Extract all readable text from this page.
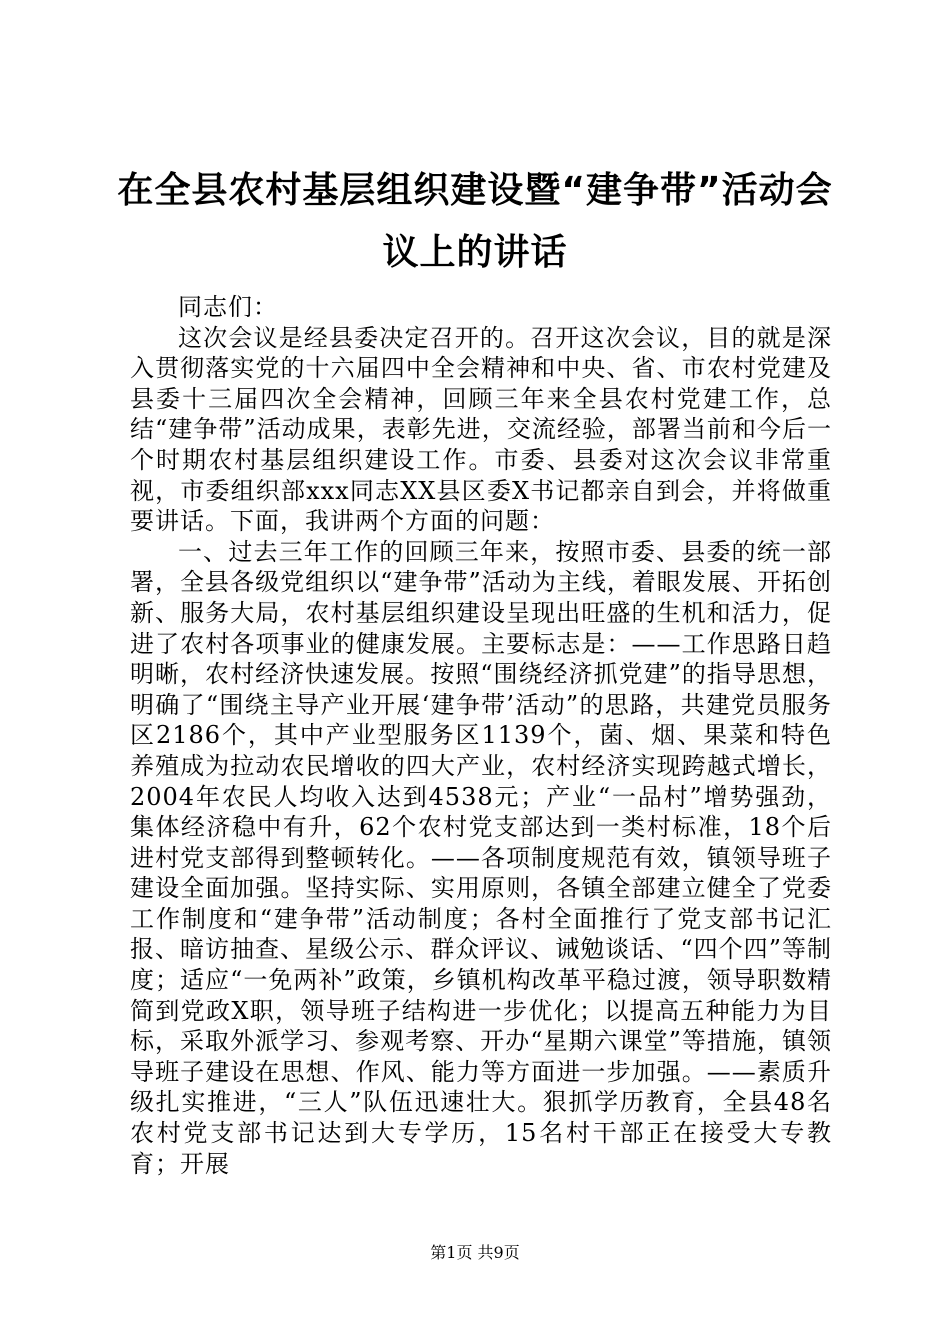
在全县农村基层组织建设暨“建争带”活动会议上的讲话

同志们：

这次会议是经县委决定召开的。召开这次会议，目的就是深入贯彻落实党的十六届四中全会精神和中央、省、市农村党建及县委十三届四次全会精神，回顾三年来全县农村党建工作，总结“建争带”活动成果，表彰先进，交流经验，部署当前和今后一个时期农村基层组织建设工作。市委、县委对这次会议非常重视，市委组织部xxx同志XX县区委X书记都亲自到会，并将做重要讲话。下面，我讲两个方面的问题：

一、过去三年工作的回顾三年来，按照市委、县委的统一部署，全县各级党组织以“建争带”活动为主线，着眼发展、开拓创新、服务大局，农村基层组织建设呈现出旺盛的生机和活力，促进了农村各项事业的健康发展。主要标志是：——工作思路日趋明晰，农村经济快速发展。按照“围绕经济抓党建”的指导思想，明确了“围绕主导产业开展‘建争带’活动”的思路，共建党员服务区2186个，其中产业型服务区1139个，菌、烟、果菜和特色养殖成为拉动农民增收的四大产业，农村经济实现跨越式增长，2004年农民人均收入达到4538元；产业“一品村”增势强劲，集体经济稳中有升，62个农村党支部达到一类村标准，18个后进村党支部得到整顿转化。——各项制度规范有效，镇领导班子建设全面加强。坚持实际、实用原则，各镇全部建立健全了党委工作制度和“建争带”活动制度；各村全面推行了党支部书记汇报、暗访抽查、星级公示、群众评议、诫勉谈话、“四个四”等制度；适应“一免两补”政策，乡镇机构改革平稳过渡，领导职数精简到党政X职，领导班子结构进一步优化；以提高五种能力为目标，采取外派学习、参观考察、开办“星期六课堂”等措施，镇领导班子建设在思想、作风、能力等方面进一步加强。——素质升级扎实推进，“三人”队伍迅速壮大。狠抓学历教育，全县48名农村党支部书记达到大专学历，15名村干部正在接受大专教育；开展

第1页 共9页
